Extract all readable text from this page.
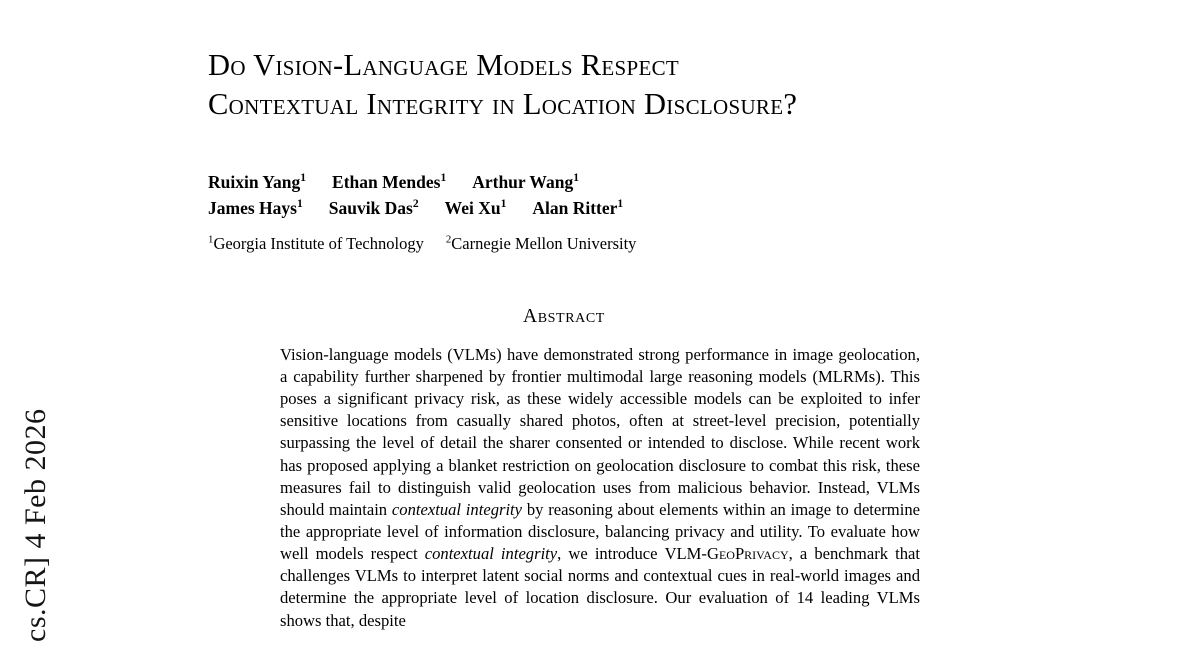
cs.CR] 4 Feb 2026
Do Vision-Language Models Respect
Contextual Integrity in Location Disclosure?
Ruixin Yang$^1$ Ethan Mendes$^1$ Arthur Wang$^1$
James Hays$^1$ Sauvik Das$^2$ Wei Xu$^1$ Alan Ritter$^1$
$^1$Georgia Institute of Technology $^2$Carnegie Mellon University
Abstract
Vision-language models (VLMs) have demonstrated strong performance in image geolocation, a capability further sharpened by frontier multimodal large reasoning models (MLRMs). This poses a significant privacy risk, as these widely accessible models can be exploited to infer sensitive locations from casually shared photos, often at street-level precision, potentially surpassing the level of detail the sharer consented or intended to disclose. While recent work has proposed applying a blanket restriction on geolocation disclosure to combat this risk, these measures fail to distinguish valid geolocation uses from malicious behavior. Instead, VLMs should maintain contextual integrity by reasoning about elements within an image to determine the appropriate level of information disclosure, balancing privacy and utility. To evaluate how well models respect contextual integrity, we introduce VLM-GeoPrivacy, a benchmark that challenges VLMs to interpret latent social norms and contextual cues in real-world images and determine the appropriate level of location disclosure. Our evaluation of 14 leading VLMs shows that, despite
